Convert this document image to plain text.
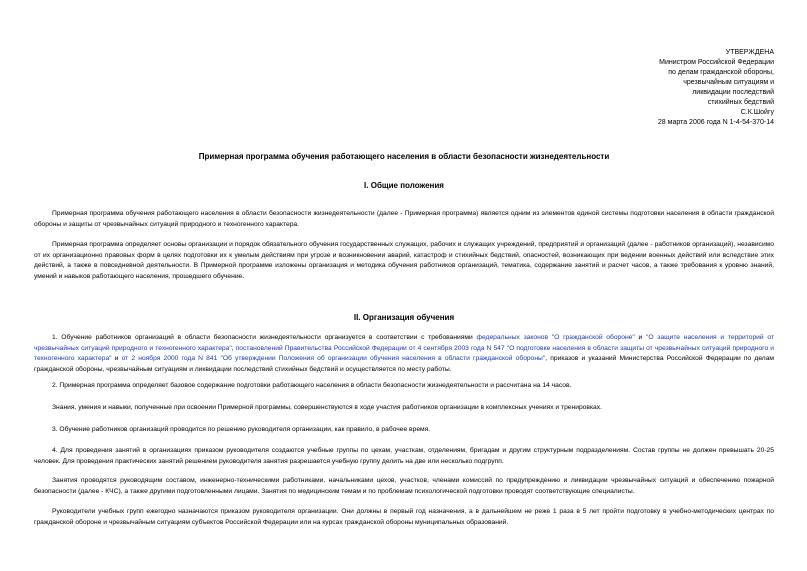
УТВЕРЖДЕНА
Министром Российской Федерации
по делам гражданской обороны,
чрезвычайным ситуациям и
ликвидации последствий
стихийных бедствий
С.К.Шойгу
28 марта 2006 года N 1-4-54-370-14
Примерная программа обучения работающего населения в области безопасности жизнедеятельности
I. Общие положения
Примерная программа обучения работающего населения в области безопасности жизнедеятельности (далее - Примерная программа) является одним из элементов единой системы подготовки населения в области гражданской обороны и защиты от чрезвычайных ситуаций природного и техногенного характера.
Примерная программа определяет основы организации и порядок обязательного обучения государственных служащих, рабочих и служащих учреждений, предприятий и организаций (далее - работников организаций), независимо от их организационно правовых форм в целях подготовки их к умелым действиям при угрозе и возникновении аварий, катастроф и стихийных бедствий, опасностей, возникающих при ведении военных действий или вследствие этих действий, а также в повседневной деятельности. В Примерной программе изложены организация и методика обучения работников организаций, тематика, содержание занятий и расчет часов, а также требования к уровню знаний, умений и навыков работающего населения, прошедшего обучение.
II. Организация обучения
1. Обучение работников организаций в области безопасности жизнедеятельности организуется в соответствии с требованиями федеральных законов "О гражданской обороне" и "О защите населения и территорий от чрезвычайных ситуаций природного и техногенного характера", постановлений Правительства Российской Федерации от 4 сентября 2003 года N 547 "О подготовке населения в области защиты от чрезвычайных ситуаций природного и техногенного характера" и от 2 ноября 2000 года N 841 "Об утверждении Положения об организации обучения населения в области гражданской обороны", приказов и указаний Министерства Российской Федерации по делам гражданской обороны, чрезвычайным ситуациям и ликвидации последствий стихийных бедствий и осуществляется по месту работы.
2. Примерная программа определяет базовое содержание подготовки работающего населения в области безопасности жизнедеятельности и рассчитана на 14 часов.
Знания, умения и навыки, полученные при освоении Примерной программы, совершенствуются в ходе участия работников организации в комплексных учениях и тренировках.
3. Обучение работников организаций проводится по решению руководителя организации, как правило, в рабочее время.
4. Для проведения занятий в организациях приказом руководителя создаются учебные группы по цехам, участкам, отделениям, бригадам и другим структурным подразделениям. Состав группы не должен превышать 20-25 человек. Для проведения практических занятий решением руководителя занятия разрешается учебную группу делить на две или несколько подгрупп.
Занятия проводятся руководящим составом, инженерно-техническими работниками, начальниками цехов, участков, членами комиссий по предупреждению и ликвидации чрезвычайных ситуаций и обеспечению пожарной безопасности (далее - КЧС), а также другими подготовленными лицами. Занятия по медицинским темам и по проблемам психологической подготовки проводят соответствующие специалисты.
Руководители учебных групп ежегодно назначаются приказом руководителя организации. Они должны в первый год назначения, а в дальнейшем не реже 1 раза в 5 лет пройти подготовку в учебно-методических центрах по гражданской обороне и чрезвычайным ситуациям субъектов Российской Федерации или на курсах гражданской обороны муниципальных образований.
